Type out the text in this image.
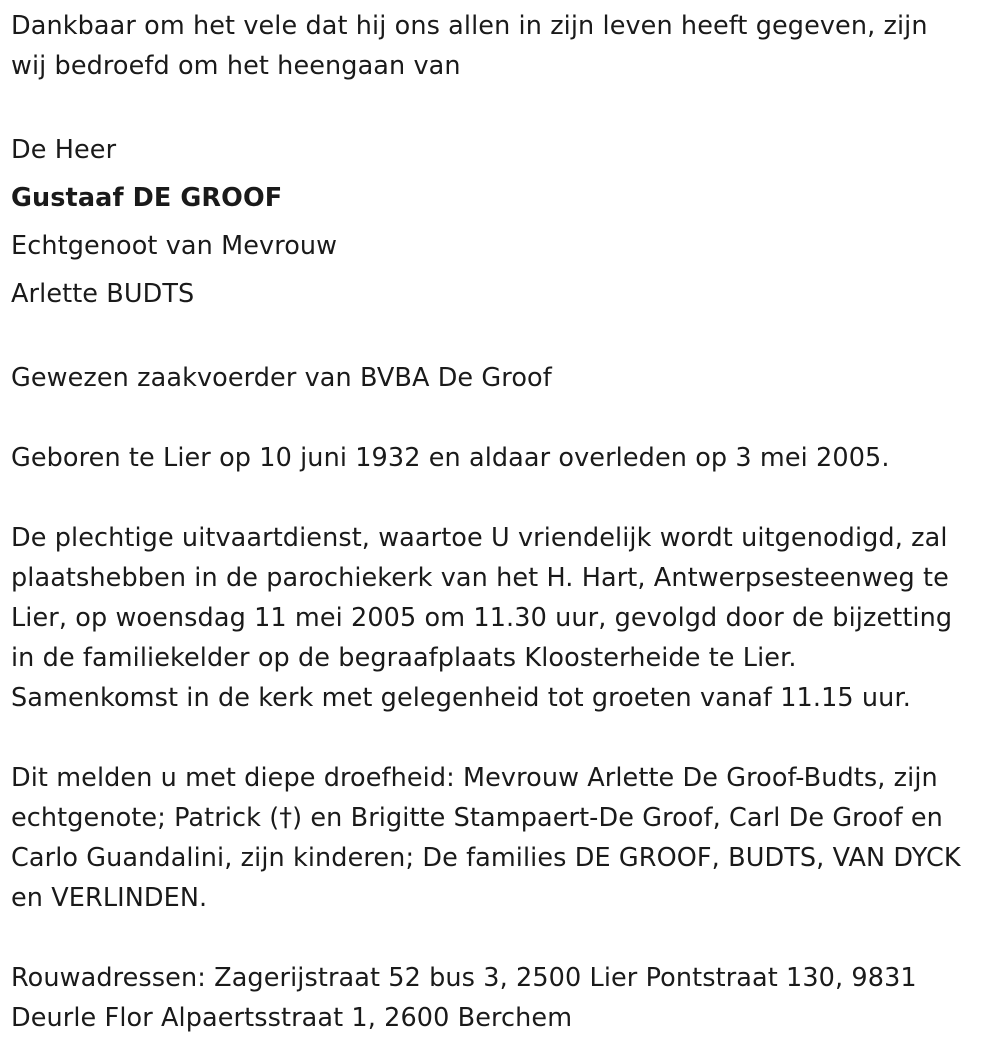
Dankbaar om het vele dat hij ons allen in zijn leven heeft gegeven, zijn
wij bedroefd om het heengaan van
De Heer
Gustaaf DE GROOF
Echtgenoot van Mevrouw
Arlette BUDTS
Gewezen zaakvoerder van BVBA De Groof
Geboren te Lier op 10 juni 1932 en aldaar overleden op 3 mei 2005.
De plechtige uitvaartdienst, waartoe U vriendelijk wordt uitgenodigd, zal
plaatshebben in de parochiekerk van het H. Hart, Antwerpsesteenweg te
Lier, op woensdag 11 mei 2005 om 11.30 uur, gevolgd door de bijzetting
in de familiekelder op de begraafplaats Kloosterheide te Lier.
Samenkomst in de kerk met gelegenheid tot groeten vanaf 11.15 uur.
Dit melden u met diepe droefheid: Mevrouw Arlette De Groof-Budts, zijn
echtgenote; Patrick (†) en Brigitte Stampaert-De Groof, Carl De Groof en
Carlo Guandalini, zijn kinderen; De families DE GROOF, BUDTS, VAN DYCK
en VERLINDEN.
Rouwadressen: Zagerijstraat 52 bus 3, 2500 Lier Pontstraat 130, 9831
Deurle Flor Alpaertsstraat 1, 2600 Berchem
